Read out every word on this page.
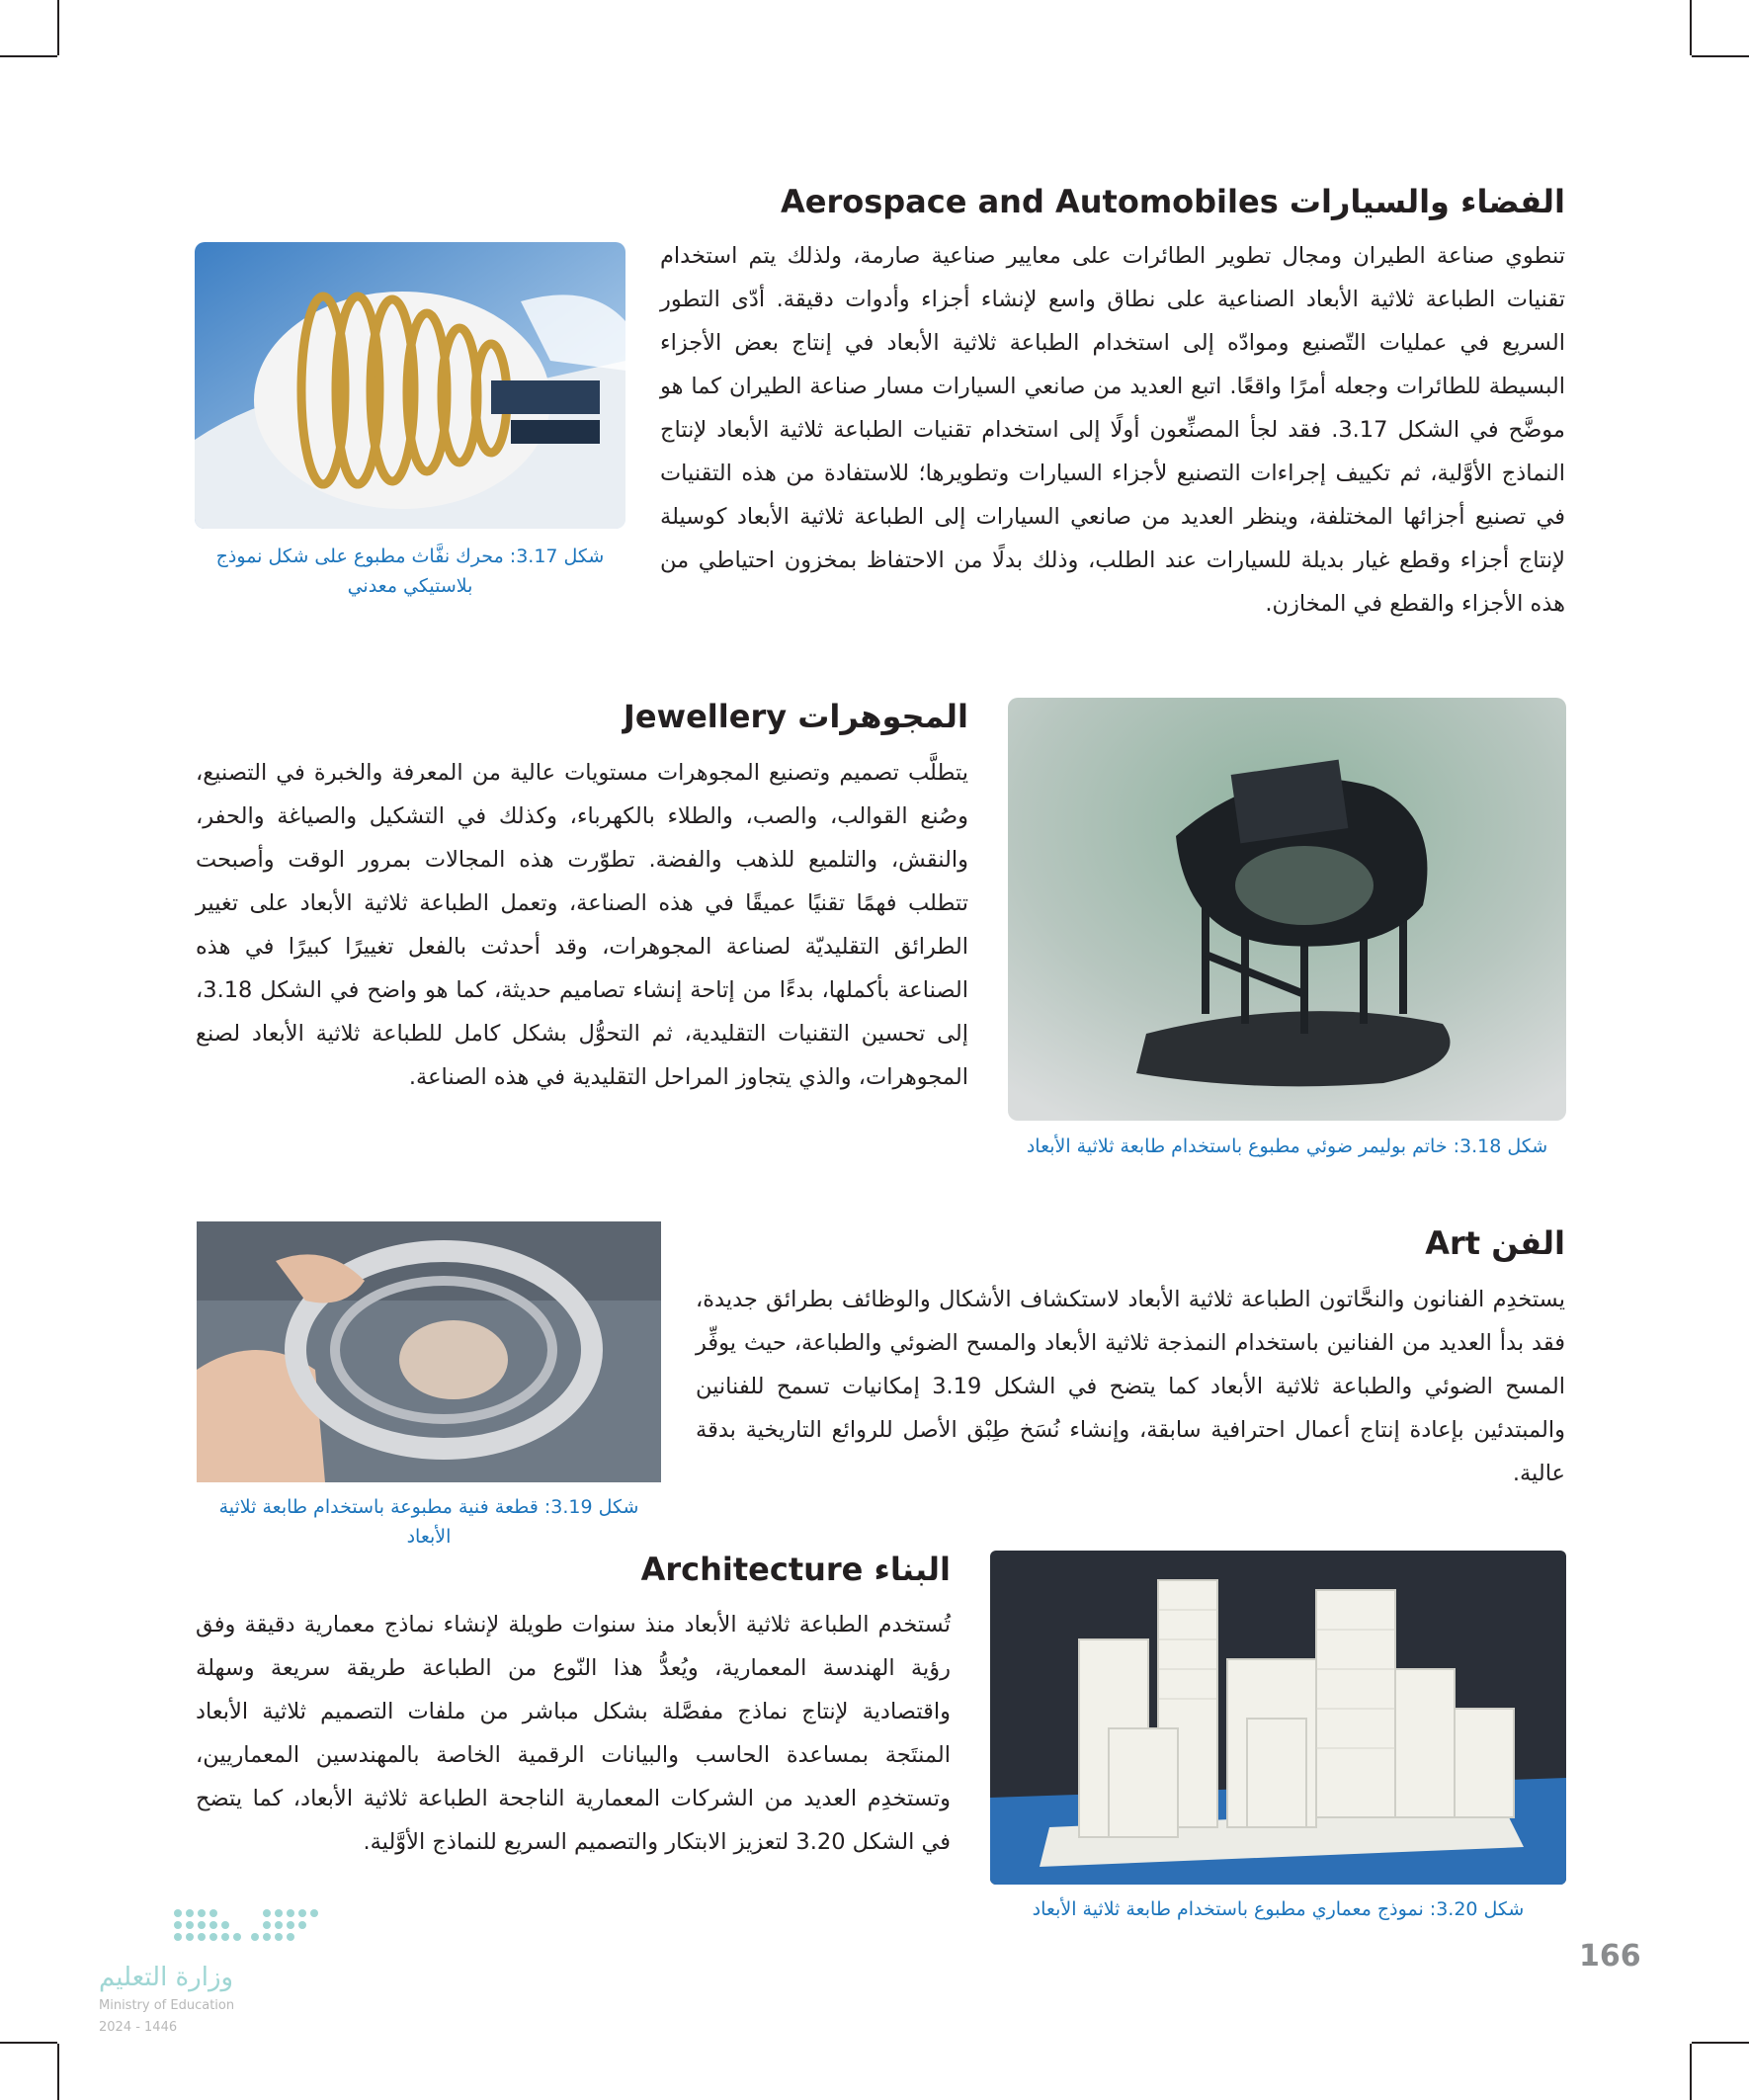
الفضاء والسيارات Aerospace and Automobiles

تنطوي صناعة الطيران ومجال تطوير الطائرات على معايير صناعية صارمة، ولذلك يتم استخدام تقنيات الطباعة ثلاثية الأبعاد الصناعية على نطاق واسع لإنشاء أجزاء وأدوات دقيقة. أدّى التطور السريع في عمليات التّصنيع وموادّه إلى استخدام الطباعة ثلاثية الأبعاد في إنتاج بعض الأجزاء البسيطة للطائرات وجعله أمرًا واقعًا. اتبع العديد من صانعي السيارات مسار صناعة الطيران كما هو موضَّح في الشكل 3.17. فقد لجأ المصنِّعون أولًا إلى استخدام تقنيات الطباعة ثلاثية الأبعاد لإنتاج النماذج الأوَّلية، ثم تكييف إجراءات التصنيع لأجزاء السيارات وتطويرها؛ للاستفادة من هذه التقنيات في تصنيع أجزائها المختلفة، وينظر العديد من صانعي السيارات إلى الطباعة ثلاثية الأبعاد كوسيلة لإنتاج أجزاء وقطع غيار بديلة للسيارات عند الطلب، وذلك بدلًا من الاحتفاظ بمخزون احتياطي من هذه الأجزاء والقطع في المخازن.

شكل 3.17: محرك نفَّاث مطبوع على شكل نموذج بلاستيكي معدني
شكل 3.18: خاتم بوليمر ضوئي مطبوع باستخدام طابعة ثلاثية الأبعاد
المجوهرات Jewellery

يتطلَّب تصميم وتصنيع المجوهرات مستويات عالية من المعرفة والخبرة في التصنيع، وصُنع القوالب، والصب، والطلاء بالكهرباء، وكذلك في التشكيل والصياغة والحفر، والنقش، والتلميع للذهب والفضة. تطوّرت هذه المجالات بمرور الوقت وأصبحت تتطلب فهمًا تقنيًا عميقًا في هذه الصناعة، وتعمل الطباعة ثلاثية الأبعاد على تغيير الطرائق التقليديّة لصناعة المجوهرات، وقد أحدثت بالفعل تغييرًا كبيرًا في هذه الصناعة بأكملها، بدءًا من إتاحة إنشاء تصاميم حديثة، كما هو واضح في الشكل 3.18، إلى تحسين التقنيات التقليدية، ثم التحوُّل بشكل كامل للطباعة ثلاثية الأبعاد لصنع المجوهرات، والذي يتجاوز المراحل التقليدية في هذه الصناعة.

الفن Art

يستخدِم الفنانون والنحَّاتون الطباعة ثلاثية الأبعاد لاستكشاف الأشكال والوظائف بطرائق جديدة، فقد بدأ العديد من الفنانين باستخدام النمذجة ثلاثية الأبعاد والمسح الضوئي والطباعة، حيث يوفِّر المسح الضوئي والطباعة ثلاثية الأبعاد كما يتضح في الشكل 3.19 إمكانيات تسمح للفنانين والمبتدئين بإعادة إنتاج أعمال احترافية سابقة، وإنشاء نُسَخ طِبْق الأصل للروائع التاريخية بدقة عالية.

شكل 3.19: قطعة فنية مطبوعة باستخدام طابعة ثلاثية الأبعاد
شكل 3.20: نموذج معماري مطبوع باستخدام طابعة ثلاثية الأبعاد
البناء Architecture

تُستخدم الطباعة ثلاثية الأبعاد منذ سنوات طويلة لإنشاء نماذج معمارية دقيقة وفق رؤية الهندسة المعمارية، ويُعدُّ هذا النّوع من الطباعة طريقة سريعة وسهلة واقتصادية لإنتاج نماذج مفصَّلة بشكل مباشر من ملفات التصميم ثلاثية الأبعاد المنتَجة بمساعدة الحاسب والبيانات الرقمية الخاصة بالمهندسين المعماريين، وتستخدِم العديد من الشركات المعمارية الناجحة الطباعة ثلاثية الأبعاد، كما يتضح في الشكل 3.20 لتعزيز الابتكار والتصميم السريع للنماذج الأوَّلية.

166
وزارة التعليم
Ministry of Education
2024 - 1446
